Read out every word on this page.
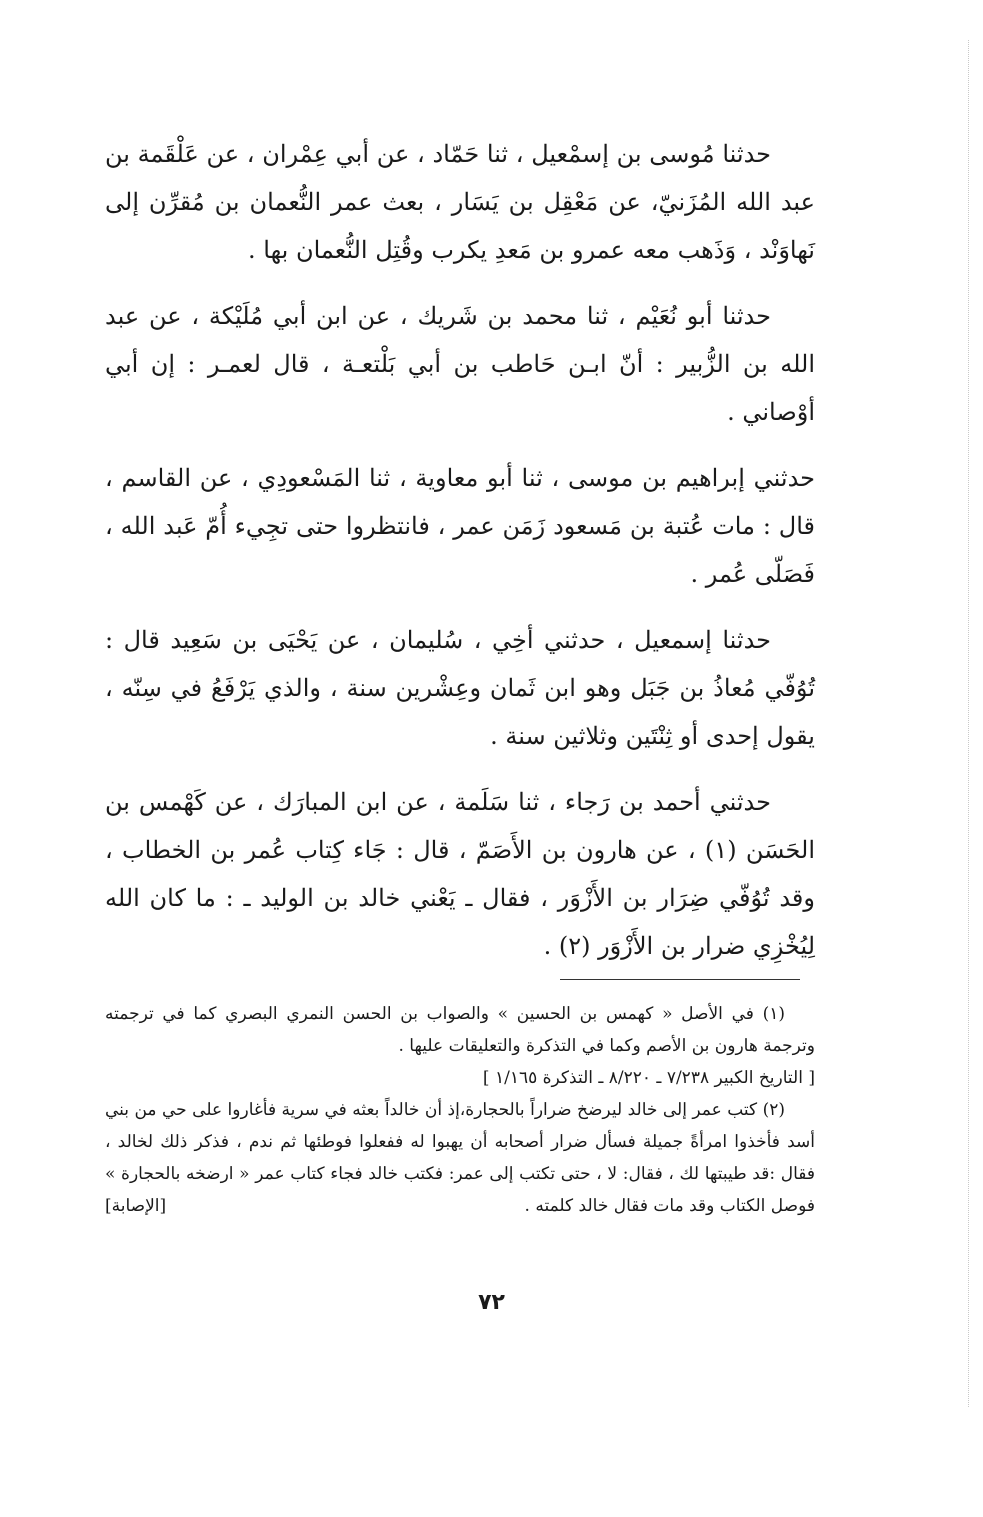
حدثنا مُوسى بن إسمْعيل ، ثنا حَمّاد ، عن أبي عِمْران ، عن عَلْقَمة بن عبد الله المُزَنيّ، عن مَعْقِل بن يَسَار ، بعث عمر النُّعمان بن مُقرِّن إلى نَهاوَنْد ، وَذَهب معه عمرو بن مَعدِ يكرب وقُتِل النُّعمان بها .

حدثنا أبو نُعَيْم ، ثنا محمد بن شَريك ، عن ابن أبي مُلَيْكة ، عن عبد الله بن الزُّبير : أنّ ابـن حَاطب بن أبي بَلْتعـة ، قال لعمـر : إن أبي أوْصاني .

حدثني إبراهيم بن موسى ، ثنا أبو معاوية ، ثنا المَسْعودِي ، عن القاسم ، قال : مات عُتبة بن مَسعود زَمَن عمر ، فانتظروا حتى تجِيء أُمّ عَبد الله ، فَصَلّى عُمر .

حدثنا إسمعيل ، حدثني أخِي ، سُليمان ، عن يَحْيَى بن سَعِيد قال : تُوُفّي مُعاذُ بن جَبَل وهو ابن ثَمان وعِشْرين سنة ، والذي يَرْفَعُ في سِنّه ، يقول إحدى أو ثِنْتَين وثلاثين سنة .

حدثني أحمد بن رَجاء ، ثنا سَلَمة ، عن ابن المبارَك ، عن كَهْمس بن الحَسَن (١) ، عن هارون بن الأَصَمّ ، قال : جَاء كِتاب عُمر بن الخطاب ، وقد تُوُفّي ضِرَار بن الأَزْوَر ، فقال ـ يَعْني خالد بن الوليد ـ : ما كان الله لِيُخْزِي ضرار بن الأَزْوَر (٢) .

(١) في الأصل « كهمس بن الحسين » والصواب بن الحسن النمري البصري كما في ترجمته وترجمة هارون بن الأصم وكما في التذكرة والتعليقات عليها .

[ التاريخ الكبير ٧/٢٣٨ ـ ٨/٢٢٠ ـ التذكرة ١/١٦٥ ]

(٢) كتب عمر إلى خالد ليرضخ ضراراً بالحجارة،إذ أن خالداً بعثه في سرية فأغاروا على حي من بني أسد فأخذوا امرأةً جميلة فسأل ضرار أصحابه أن يهبوا له ففعلوا فوطئها ثم ندم ، فذكر ذلك لخالد ، فقال :قد طيبتها لك ، فقال: لا ، حتى تكتب إلى عمر: فكتب خالد فجاء كتاب عمر « ارضخه بالحجارة » فوصل الكتاب وقد مات فقال خالد كلمته .
[الإصابة]

٧٢
